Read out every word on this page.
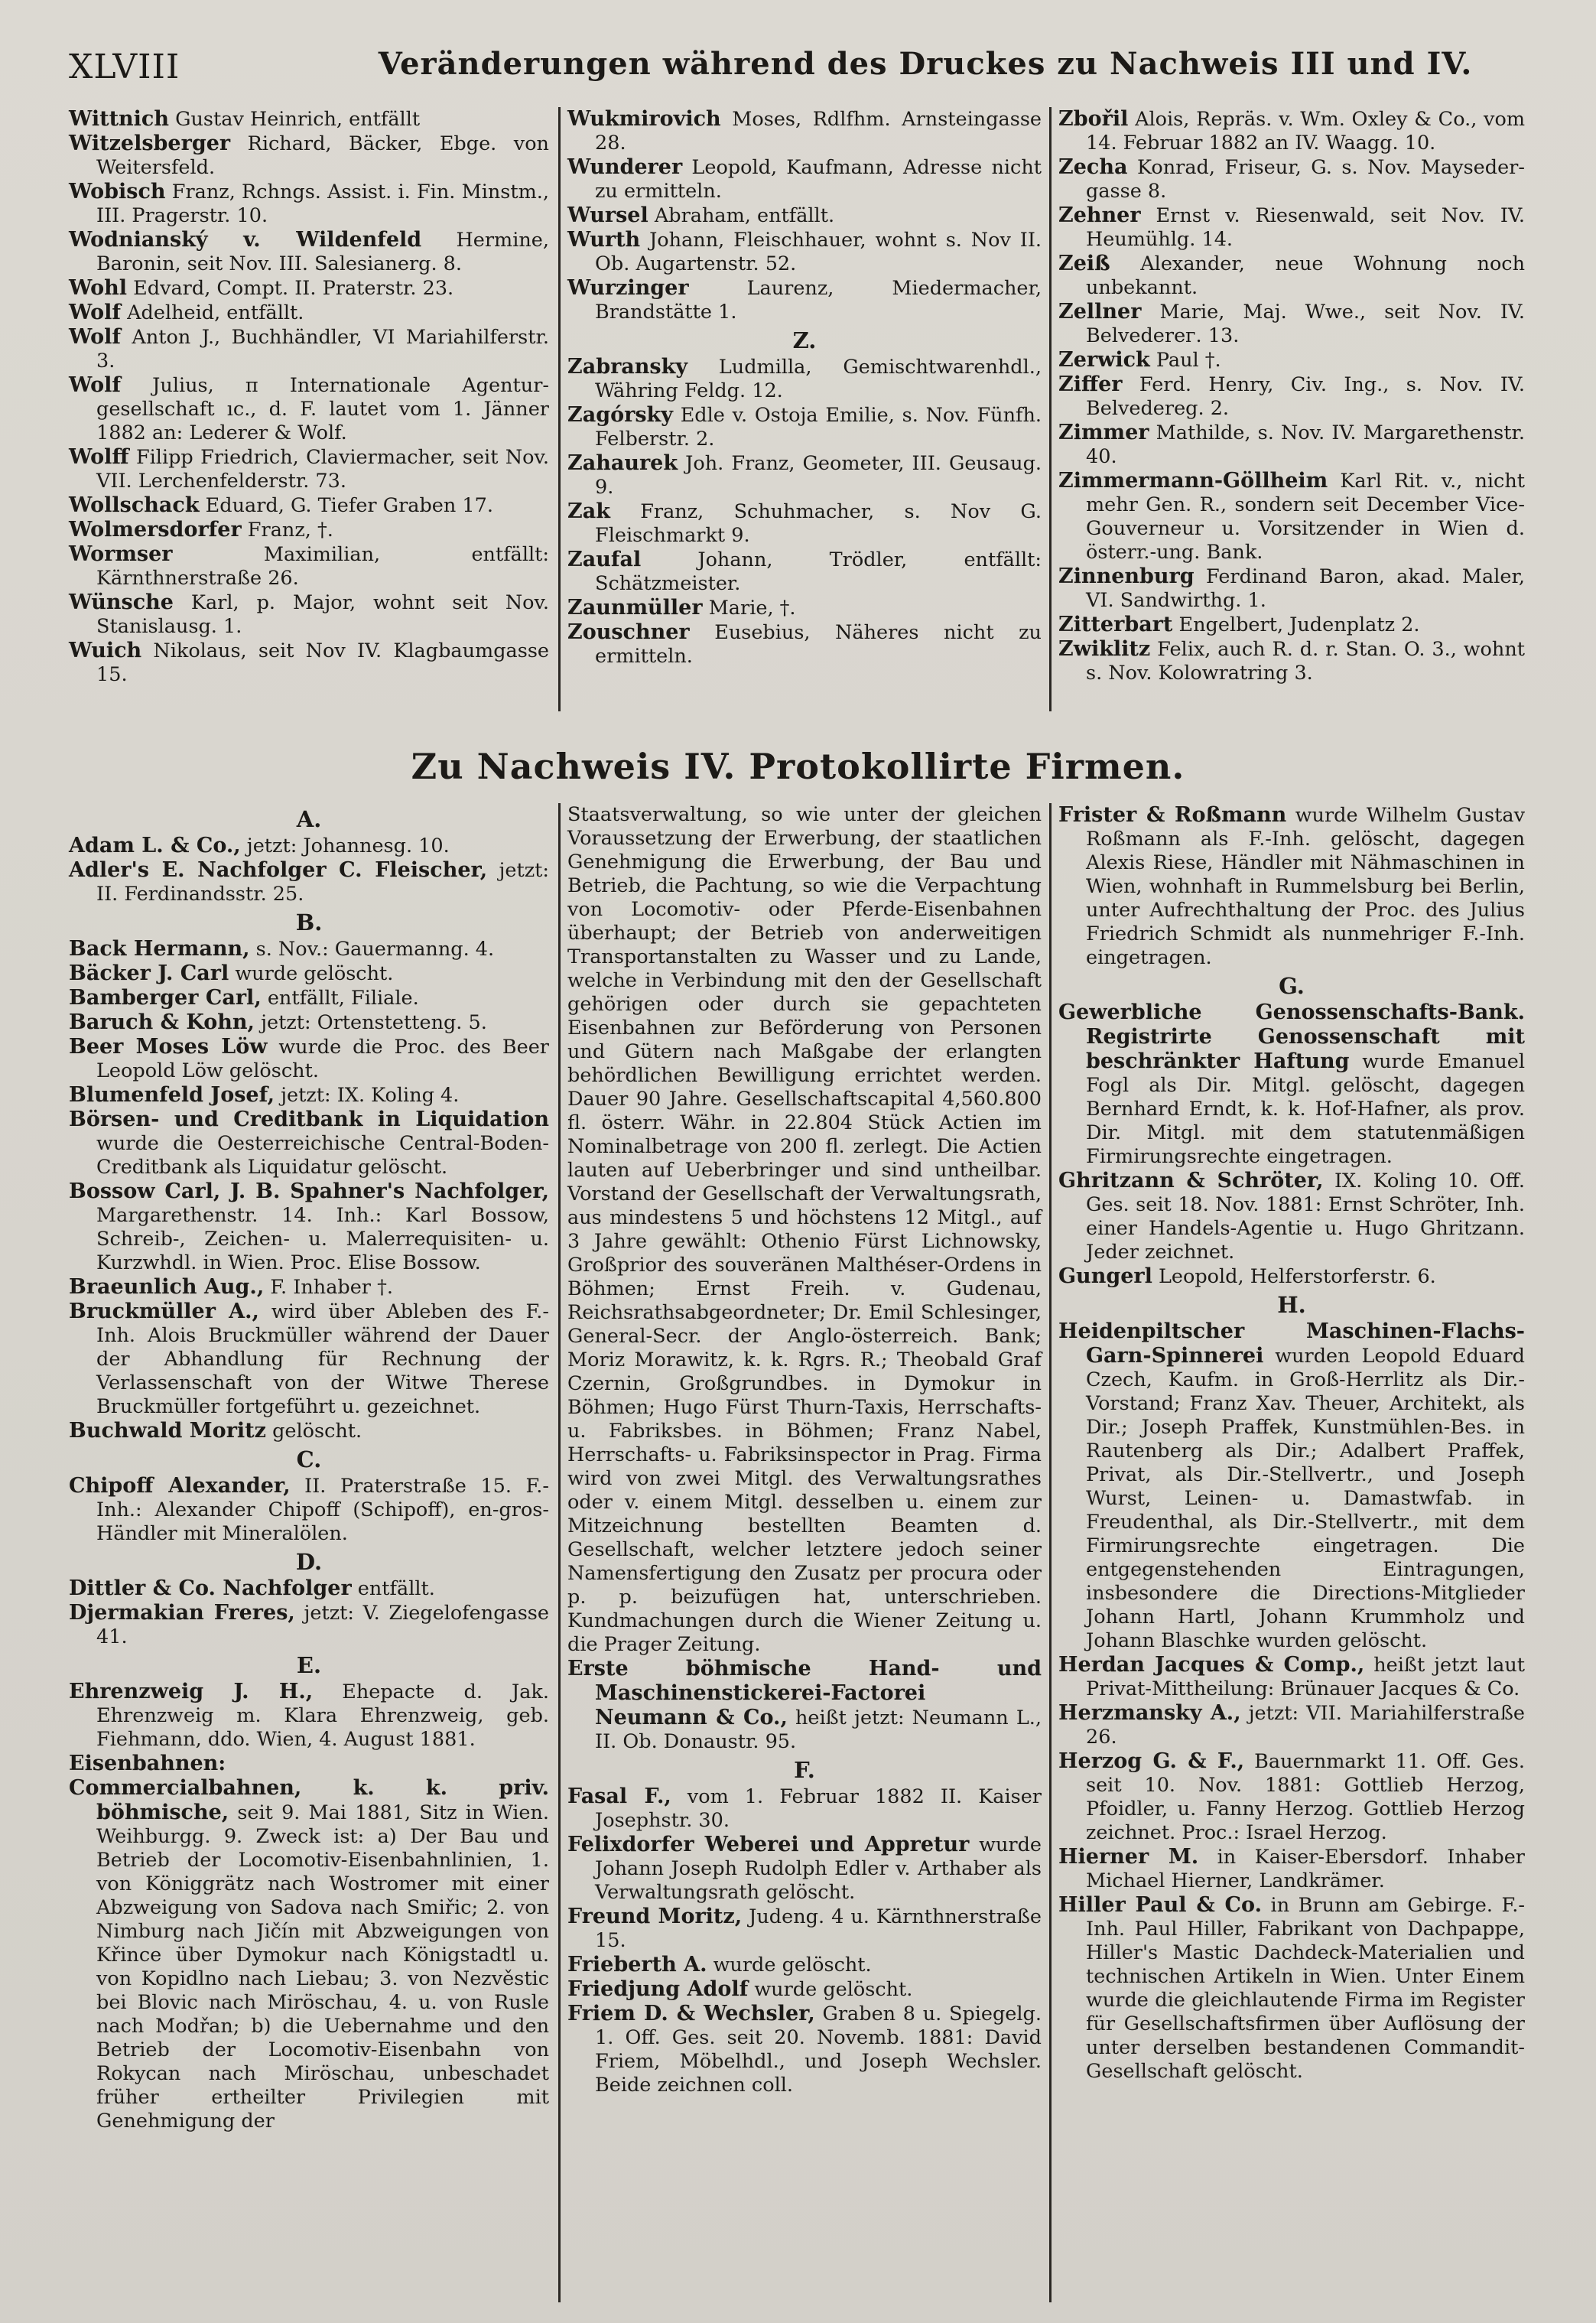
XLVIII	Veränderungen während des Druckes zu Nachweis III und IV.

Wittnich Gustav Heinrich, entfällt

Witzelsberger Richard, Bäcker, Ebge. von Weitersfeld.

Wobisch Franz, Rchngs. Assist. i. Fin. Minstm., III. Pragerstr. 10.

Wodnianský v. Wildenfeld Hermine, Baronin, seit Nov. III. Salesianerg. 8.

Wohl Edvard, Compt. II. Praterstr. 23.

Wolf Adelheid, entfällt.

Wolf Anton J., Buchhändler, VI Mariahilferstr. 3.

Wolf Julius, ᴨ Internationale Agentur-gesellschaft ıc., d. F. lautet vom 1. Jänner 1882 an: Lederer & Wolf.

Wolff Filipp Friedrich, Claviermacher, seit Nov. VII. Lerchenfelderstr. 73.

Wollschack Eduard, G. Tiefer Graben 17.

Wolmersdorfer Franz, †.

Wormser Maximilian, entfällt: Kärnthnerstraße 26.

Wünsche Karl, p. Major, wohnt seit Nov. Stanislausg. 1.

Wuich Nikolaus, seit Nov IV. Klagbaumgasse 15.

Wukmirovich Moses, Rdlfhm. Arnsteingasse 28.

Wunderer Leopold, Kaufmann, Adresse nicht zu ermitteln.

Wursel Abraham, entfällt.

Wurth Johann, Fleischhauer, wohnt s. Nov II. Ob. Augartenstr. 52.

Wurzinger Laurenz, Miedermacher, Brandstätte 1.

Z.

Zabransky Ludmilla, Gemischtwarenhdl., Währing Feldg. 12.

Zagórsky Edle v. Ostoja Emilie, s. Nov. Fünfh. Felberstr. 2.

Zahaurek Joh. Franz, Geometer, III. Geusaug. 9.

Zak Franz, Schuhmacher, s. Nov G. Fleischmarkt 9.

Zaufal Johann, Trödler, entfällt: Schätzmeister.

Zaunmüller Marie, †.

Zouschner Eusebius, Näheres nicht zu ermitteln.

Zbořil Alois, Repräs. v. Wm. Oxley & Co., vom 14. Februar 1882 an IV. Waagg. 10.

Zecha Konrad, Friseur, G. s. Nov. Mayseder-gasse 8.

Zehner Ernst v. Riesenwald, seit Nov. IV. Heumühlg. 14.

Zeiß Alexander, neue Wohnung noch unbekannt.

Zellner Marie, Maj. Wwe., seit Nov. IV. Belvederег. 13.

Zerwick Paul †.

Ziffer Ferd. Henry, Civ. Ing., s. Nov. IV. Belvedereg. 2.

Zimmer Mathilde, s. Nov. IV. Margarethenstr. 40.

Zimmermann-Göllheim Karl Rit. v., nicht mehr Gen. R., sondern seit December Vice-Gouverneur u. Vorsitzender in Wien d. österr.-ung. Bank.

Zinnenburg Ferdinand Baron, akad. Maler, VI. Sandwirthg. 1.

Zitterbart Engelbert, Judenplatz 2.

Zwiklitz Felix, auch R. d. r. Stan. O. 3., wohnt s. Nov. Kolowratring 3.

Zu Nachweis IV. Protokollirte Firmen.

A.

Adam L. & Co., jetzt: Johannesg. 10.

Adler's E. Nachfolger C. Fleischer, jetzt: II. Ferdinandsstr. 25.

B.

Back Hermann, s. Nov.: Gauermanng. 4.

Bäcker J. Carl wurde gelöscht.

Bamberger Carl, entfällt, Filiale.

Baruch & Kohn, jetzt: Ortenstetteng. 5.

Beer Moses Löw wurde die Proc. des Beer Leopold Löw gelöscht.

Blumenfeld Josef, jetzt: IX. Koling 4.

Börsen- und Creditbank in Liquidation wurde die Oesterreichische Central-Boden-Creditbank als Liquidatur gelöscht.

Bossow Carl, J. B. Spahner's Nachfolger, Margarethenstr. 14. Inh.: Karl Bossow, Schreib-, Zeichen- u. Malerrequisiten- u. Kurzwhdl. in Wien. Proc. Elise Bossow.

Braeunlich Aug., F. Inhaber †.

Bruckmüller A., wird über Ableben des F.-Inh. Alois Bruckmüller während der Dauer der Abhandlung für Rechnung der Verlassenschaft von der Witwe Therese Bruckmüller fortgeführt u. gezeichnet.

Buchwald Moritz gelöscht.

C.

Chipoff Alexander, II. Praterstraße 15. F.-Inh.: Alexander Chipoff (Schipoff), en-gros-Händler mit Mineralölen.

D.

Dittler & Co. Nachfolger entfällt.

Djermakian Freres, jetzt: V. Ziegelofengasse 41.

E.

Ehrenzweig J. H., Ehepacte d. Jak. Ehrenzweig m. Klara Ehrenzweig, geb. Fiehmann, ddo. Wien, 4. August 1881.

Eisenbahnen:

Commercialbahnen, k. k. priv. böhmische, seit 9. Mai 1881, Sitz in Wien. Weihburgg. 9. Zweck ist: a) Der Bau und Betrieb der Locomotiv-Eisenbahnlinien, 1. von Königgrätz nach Wostromer mit einer Abzweigung von Sadova nach Smiřic; 2. von Nimburg nach Jičín mit Abzweigungen von Křince über Dymokur nach Königstadtl u. von Kopidlno nach Liebau; 3. von Nezvěstic bei Blovic nach Miröschau, 4. u. von Rusle nach Modřan; b) die Uebernahme und den Betrieb der Locomotiv-Eisenbahn von Rokycan nach Miröschau, unbeschadet früher ertheilter Privilegien mit Genehmigung der

Staatsverwaltung, so wie unter der gleichen Voraussetzung der Erwerbung, der staatlichen Genehmigung die Erwerbung, der Bau und Betrieb, die Pachtung, so wie die Verpachtung von Locomotiv- oder Pferde-Eisenbahnen überhaupt; der Betrieb von anderweitigen Transportanstalten zu Wasser und zu Lande, welche in Verbindung mit den der Gesellschaft gehörigen oder durch sie gepachteten Eisenbahnen zur Beförderung von Personen und Gütern nach Maßgabe der erlangten behördlichen Bewilligung errichtet werden. Dauer 90 Jahre. Gesellschaftscapital 4,560.800 fl. österr. Währ. in 22.804 Stück Actien im Nominalbetrage von 200 fl. zerlegt. Die Actien lauten auf Ueberbringer und sind untheilbar. Vorstand der Gesellschaft der Verwaltungsrath, aus mindestens 5 und höchstens 12 Mitgl., auf 3 Jahre gewählt: Othenio Fürst Lichnowsky, Großprior des souveränen Malthéser-Ordens in Böhmen; Ernst Freih. v. Gudenau, Reichsrathsabgeordneter; Dr. Emil Schlesinger, General-Secr. der Anglo-österreich. Bank; Moriz Morawitz, k. k. Rgrs. R.; Theobald Graf Czernin, Großgrundbes. in Dymokur in Böhmen; Hugo Fürst Thurn-Taxis, Herrschafts- u. Fabriksbes. in Böhmen; Franz Nabel, Herrschafts- u. Fabriksinspector in Prag. Firma wird von zwei Mitgl. des Verwaltungsrathes oder v. einem Mitgl. desselben u. einem zur Mitzeichnung bestellten Beamten d. Gesellschaft, welcher letztere jedoch seiner Namensfertigung den Zusatz per procura oder p. p. beizufügen hat, unterschrieben. Kundmachungen durch die Wiener Zeitung u. die Prager Zeitung.

Erste böhmische Hand- und Maschinenstickerei-Factorei Neumann & Co., heißt jetzt: Neumann L., II. Ob. Donaustr. 95.

F.

Fasal F., vom 1. Februar 1882 II. Kaiser Josephstr. 30.

Felixdorfer Weberei und Appretur wurde Johann Joseph Rudolph Edler v. Arthaber als Verwaltungsrath gelöscht.

Freund Moritz, Judeng. 4 u. Kärnthnerstraße 15.

Frieberth A. wurde gelöscht.

Friedjung Adolf wurde gelöscht.

Friem D. & Wechsler, Graben 8 u. Spiegelg. 1. Off. Ges. seit 20. Novemb. 1881: David Friem, Möbelhdl., und Joseph Wechsler. Beide zeichnen coll.

Frister & Roßmann wurde Wilhelm Gustav Roßmann als F.-Inh. gelöscht, dagegen Alexis Riese, Händler mit Nähmaschinen in Wien, wohnhaft in Rummelsburg bei Berlin, unter Aufrechthaltung der Proc. des Julius Friedrich Schmidt als nunmehriger F.-Inh. eingetragen.

G.

Gewerbliche Genossenschafts-Bank. Registrirte Genossenschaft mit beschränkter Haftung wurde Emanuel Fogl als Dir. Mitgl. gelöscht, dagegen Bernhard Erndt, k. k. Hof-Hafner, als prov. Dir. Mitgl. mit dem statutenmäßigen Firmirungsrechte eingetragen.

Ghritzann & Schröter, IX. Koling 10. Off. Ges. seit 18. Nov. 1881: Ernst Schröter, Inh. einer Handels-Agentie u. Hugo Ghritzann. Jeder zeichnet.

Gungerl Leopold, Helferstorferstr. 6.

H.

Heidenpiltscher Maschinen-Flachs-Garn-Spinnerei wurden Leopold Eduard Czech, Kaufm. in Groß-Herrlitz als Dir.-Vorstand; Franz Xav. Theuer, Architekt, als Dir.; Joseph Praffek, Kunstmühlen-Bes. in Rautenberg als Dir.; Adalbert Praffek, Privat, als Dir.-Stellvertr., und Joseph Wurst, Leinen- u. Damastwfab. in Freudenthal, als Dir.-Stellvertr., mit dem Firmirungsrechte eingetragen. Die entgegenstehenden Eintragungen, insbesondere die Directions-Mitglieder Johann Hartl, Johann Krummholz und Johann Blaschke wurden gelöscht.

Herdan Jacques & Comp., heißt jetzt laut Privat-Mittheilung: Brünauer Jacques & Co.

Herzmansky A., jetzt: VII. Mariahilferstraße 26.

Herzog G. & F., Bauernmarkt 11. Off. Ges. seit 10. Nov. 1881: Gottlieb Herzog, Pfoidler, u. Fanny Herzog. Gottlieb Herzog zeichnet. Proc.: Israel Herzog.

Hierner M. in Kaiser-Ebersdorf. Inhaber Michael Hierner, Landkrämer.

Hiller Paul & Co. in Brunn am Gebirge. F.-Inh. Paul Hiller, Fabrikant von Dachpappe, Hiller's Mastic Dachdeck-Materialien und technischen Artikeln in Wien. Unter Einem wurde die gleichlautende Firma im Register für Gesellschaftsfirmen über Auflösung der unter derselben bestandenen Commandit-Gesellschaft gelöscht.
